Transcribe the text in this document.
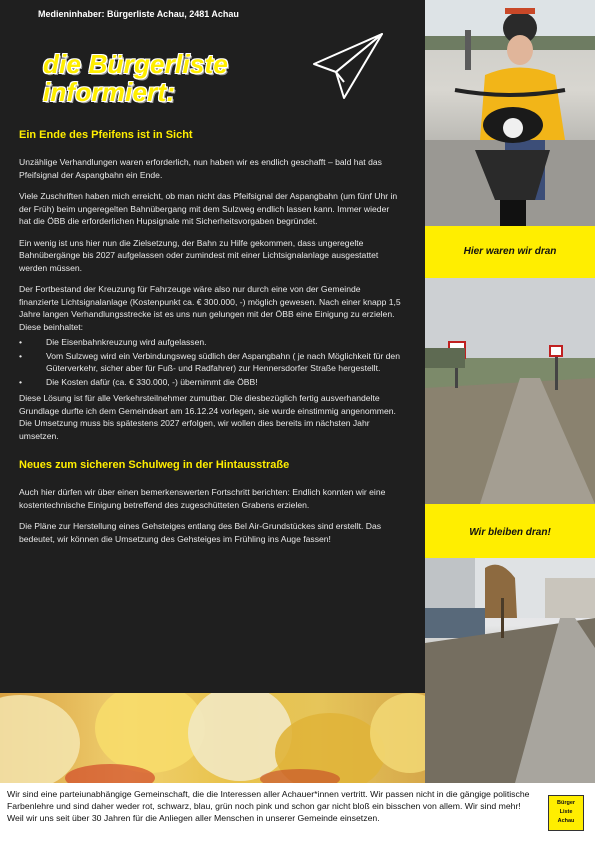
Medieninhaber: Bürgerliste Achau, 2481 Achau
die Bürgerliste
informiert:
Ein Ende des Pfeifens ist in Sicht

Unzählige Verhandlungen waren erforderlich, nun haben wir es endlich geschafft – bald hat das Pfeifsignal der Aspangbahn ein Ende.

Viele Zuschriften haben mich erreicht, ob man nicht das Pfeifsignal der Aspangbahn (um fünf Uhr in der Früh) beim ungeregelten Bahnübergang mit dem Sulzweg endlich lassen kann. Immer wieder hat die ÖBB die erforderlichen Hupsignale mit Sicherheitsvorgaben begründet.

Ein wenig ist uns hier nun die Zielsetzung, der Bahn zu Hilfe gekommen, dass ungeregelte Bahnübergänge bis 2027 aufgelassen oder zumindest mit einer Lichtsignalanlage ausgestattet werden müssen.

Der Fortbestand der Kreuzung für Fahrzeuge wäre also nur durch eine von der Gemeinde finanzierte Lichtsignalanlage (Kostenpunkt ca. € 300.000, -) möglich gewesen. Nach einer knapp 1,5 Jahre langen Verhandlungsstrecke ist es uns nun gelungen mit der ÖBB eine Einigung zu erzielen. Diese beinhaltet:

• Die Eisenbahnkreuzung wird aufgelassen.
• Vom Sulzweg wird ein Verbindungsweg südlich der Aspangbahn ( je nach Möglichkeit für den Güterverkehr, sicher aber für Fuß- und Radfahrer) zur Hennersdorfer Straße hergestellt.
• Die Kosten dafür (ca. € 330.000, -) übernimmt die ÖBB!

Diese Lösung ist für alle Verkehrsteilnehmer zumutbar. Die diesbezüglich fertig ausverhandelte Grundlage durfte ich dem Gemeindeart am 16.12.24 vorlegen, sie wurde einstimmig angenommen. Die Umsetzung muss bis spätestens 2027 erfolgen, wir wollen dies bereits im nächsten Jahr umsetzen.

Neues zum sicheren Schulweg in der Hintausstraße

Auch hier dürfen wir über einen bemerkenswerten Fortschritt berichten: Endlich konnten wir eine kostentechnische Einigung betreffend des zugeschütteten Grabens erzielen.

Die Pläne zur Herstellung eines Gehsteiges entlang des Bel Air-Grundstückes sind erstellt. Das bedeutet, wir können die Umsetzung des Gehsteiges im Frühling ins Auge fassen!

Hier waren wir dran
Wir bleiben dran!
Wir sind eine parteiunabhängige Gemeinschaft, die die Interessen aller Achauer*innen vertritt. Wir passen nicht in die gängige politische Farbenlehre und sind daher weder rot, schwarz, blau, grün noch pink und schon gar nicht bloß ein bisschen von allem. Wir sind mehr! Weil wir uns seit über 30 Jahren für die Anliegen aller Menschen in unserer Gemeinde einsetzen.
Bürger
Liste
Achau
